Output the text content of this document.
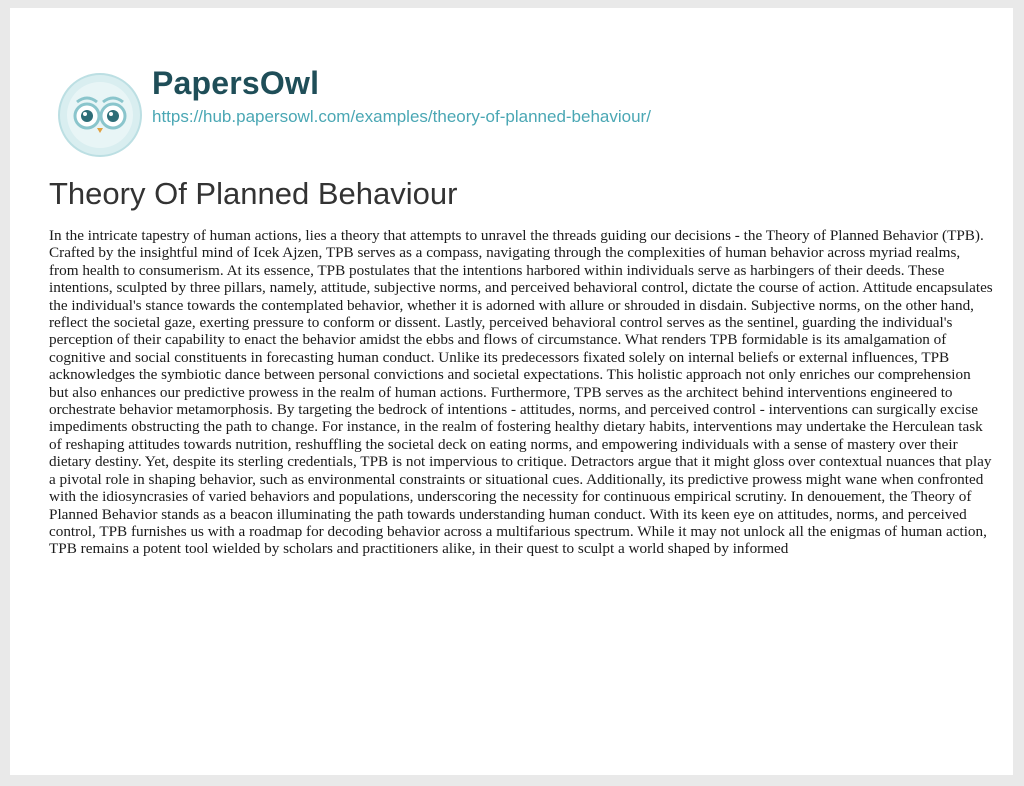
PapersOwl
https://hub.papersowl.com/examples/theory-of-planned-behaviour/
Theory Of Planned Behaviour

In the intricate tapestry of human actions, lies a theory that attempts to unravel the threads guiding our decisions - the Theory of Planned Behavior (TPB). Crafted by the insightful mind of Icek Ajzen, TPB serves as a compass, navigating through the complexities of human behavior across myriad realms, from health to consumerism. At its essence, TPB postulates that the intentions harbored within individuals serve as harbingers of their deeds. These intentions, sculpted by three pillars, namely, attitude, subjective norms, and perceived behavioral control, dictate the course of action. Attitude encapsulates the individual's stance towards the contemplated behavior, whether it is adorned with allure or shrouded in disdain. Subjective norms, on the other hand, reflect the societal gaze, exerting pressure to conform or dissent. Lastly, perceived behavioral control serves as the sentinel, guarding the individual's perception of their capability to enact the behavior amidst the ebbs and flows of circumstance. What renders TPB formidable is its amalgamation of cognitive and social constituents in forecasting human conduct. Unlike its predecessors fixated solely on internal beliefs or external influences, TPB acknowledges the symbiotic dance between personal convictions and societal expectations. This holistic approach not only enriches our comprehension but also enhances our predictive prowess in the realm of human actions. Furthermore, TPB serves as the architect behind interventions engineered to orchestrate behavior metamorphosis. By targeting the bedrock of intentions - attitudes, norms, and perceived control - interventions can surgically excise impediments obstructing the path to change. For instance, in the realm of fostering healthy dietary habits, interventions may undertake the Herculean task of reshaping attitudes towards nutrition, reshuffling the societal deck on eating norms, and empowering individuals with a sense of mastery over their dietary destiny. Yet, despite its sterling credentials, TPB is not impervious to critique. Detractors argue that it might gloss over contextual nuances that play a pivotal role in shaping behavior, such as environmental constraints or situational cues. Additionally, its predictive prowess might wane when confronted with the idiosyncrasies of varied behaviors and populations, underscoring the necessity for continuous empirical scrutiny. In denouement, the Theory of Planned Behavior stands as a beacon illuminating the path towards understanding human conduct. With its keen eye on attitudes, norms, and perceived control, TPB furnishes us with a roadmap for decoding behavior across a multifarious spectrum. While it may not unlock all the enigmas of human action, TPB remains a potent tool wielded by scholars and practitioners alike, in their quest to sculpt a world shaped by informed
